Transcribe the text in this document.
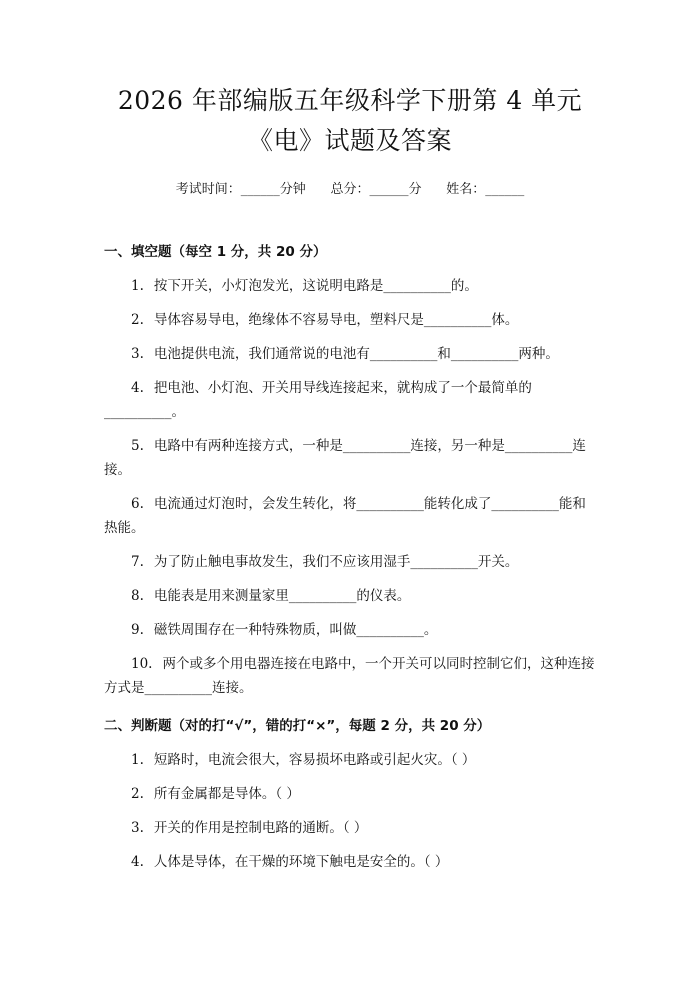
2026 年部编版五年级科学下册第 4 单元
《电》试题及答案
考试时间：______分钟      总分：______分      姓名：______
一、填空题（每空 1 分，共 20 分）
1. 按下开关，小灯泡发光，这说明电路是__________的。
2. 导体容易导电，绝缘体不容易导电，塑料尺是__________体。
3. 电池提供电流，我们通常说的电池有__________和__________两种。
4. 把电池、小灯泡、开关用导线连接起来，就构成了一个最简单的__________。
5. 电路中有两种连接方式，一种是__________连接，另一种是__________连接。
6. 电流通过灯泡时，会发生转化，将__________能转化成了__________能和热能。
7. 为了防止触电事故发生，我们不应该用湿手__________开关。
8. 电能表是用来测量家里__________的仪表。
9. 磁铁周围存在一种特殊物质，叫做__________。
10. 两个或多个用电器连接在电路中，一个开关可以同时控制它们，这种连接方式是__________连接。
二、判断题（对的打“√”，错的打“×”，每题 2 分，共 20 分）
1. 短路时，电流会很大，容易损坏电路或引起火灾。（ ）
2. 所有金属都是导体。（ ）
3. 开关的作用是控制电路的通断。（ ）
4. 人体是导体，在干燥的环境下触电是安全的。（ ）
